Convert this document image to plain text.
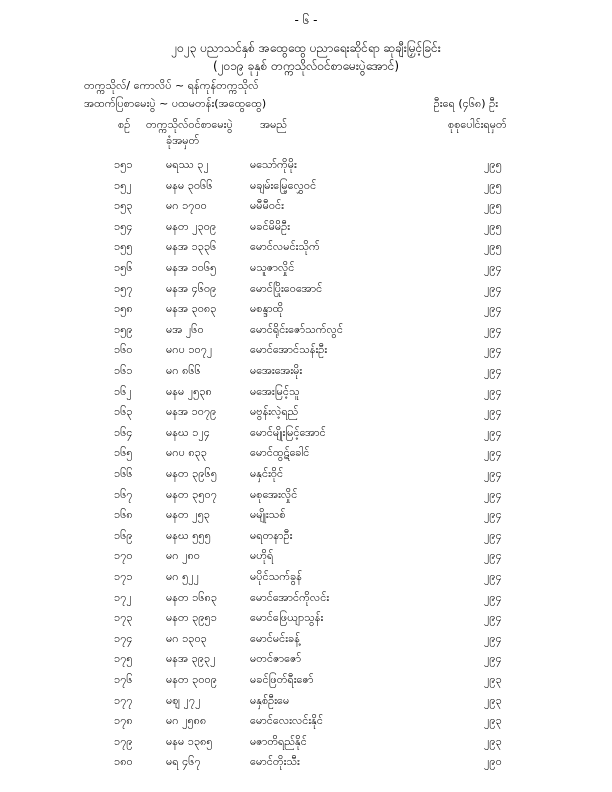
- ၆ -
၂၀၂၃ ပညာသင်နှစ် အထွေထွေ ပညာရေးဆိုင်ရာ ဆုချီးမြှင့်ခြင်း
(၂၀၁၉ ခုနှစ် တက္ကသိုလ်ဝင်စာမေးပွဲအောင်)
တက္ကသိုလ်/ ကောလိပ် ~ ရန်ကုန်တက္ကသိုလ်
အထက်ပြစာမေးပွဲ ~ ပထမတန်း(အထွေထွေ)	ဦးရေ (၄၆၈) ဦး
စဉ် တက္ကသိုလ်ဝင်စာမေးပွဲ
ခုံအမှတ်
အမည်	စုစုပေါင်းရမှတ်
၁၅၁	မရဿ ၃၂	မသော်ကိုမိုး	၂၉၅
၁၅၂	မနမ ၃၀၆၆	မချမ်းမြေ့လွှေဝင်	၂၉၅
၁၅၃	မဂ ၁၇၀၀	မမီမီဝင်း	၂၉၅
၁၅၄	မနတ ၂၃၀၉	မခင်မိမိဦး	၂၉၅
၁၅၅	မနအ ၁၃၃၆	မောင်လမင်းသိုက်	၂၉၅
၁၅၆	မနအ ၁၀၆၅	မသူဇာလှိုင်	၂၉၄
၁၅၇	မနအ ၄၆၀၉	မောင်ပြိုးဝေအောင်	၂၉၄
၁၅၈	မနအ ၃၀၈၃	မစန္ဒာထို	၂၉၄
၁၅၉	မအ ၂၆၀	မောင်ရိုင်းဇော်သက်လွင်	၂၉၄
၁၆၀	မဂပ ၁၀၇၂	မောင်အောင်သန်းဦး	၂၉၄
၁၆၁	မဂ ၈၆၆	မအေးအေးမိုး	၂၉၄
၁၆၂	မနမ ၂၅၃၈	မအေးမြင့်သူ	၂၉၄
၁၆၃	မနအ ၁၀၇၉	မဗွန်းလဲ့ရည်	၂၉၄
၁၆၄	မနဃ ၁၂၄	မောင်မျိုးမြင့်အောင်	၂၉၄
၁၆၅	မဂပ ၈၃၃	မောင်ထွဋ်ခေါင်	၂၉၄
၁၆၆	မနတ ၃၉၆၅	မနှင်းဝိုင်	၂၉၄
၁၆၇	မနတ ၃၅၀၇	မစုအေးလှိုင်	၂၉၄
၁၆၈	မနတ ၂၅၃	မမျိုးသစ်	၂၉၄
၁၆၉	မနဃ ၅၅၅	မရတနာဦး	၂၉၄
၁၇၀	မဂ ၂၈၀	မဟိုရ်	၂၉၄
၁၇၁	မဂ ၅၂၂	မပိုင်သက်ခွန်	၂၉၄
၁၇၂	မနတ ၁၆၈၃	မောင်အောင်ကိုလင်း	၂၉၄
၁၇၃	မနတ ၃၉၅၁	မောင်ဖြေယျာသွန်း	၂၉၄
၁၇၄	မဂ ၁၃၀၃	မောင်မင်းခန့်	၂၉၄
၁၇၅	မနအ ၃၉၃၂	မတင်ဇာဇော်	၂၉၄
၁၇၆	မနတ ၃၀၀၉	မခင်ဖြတ်ရီးဇော်	၂၉၃
၁၇၇	မဈ ၂၇၂	မနှစ်ဦးမေ	၂၉၃
၁၇၈	မဂ ၂၅၈၈	မောင်လေးလင်းနိုင်	၂၉၃
၁၇၉	မနမ ၁၃၈၅	မဇာတိရည်နိုင်	၂၉၃
၁၈၀	မရ ၄၆၇	မောင်တိုးသီး	၂၉၀
